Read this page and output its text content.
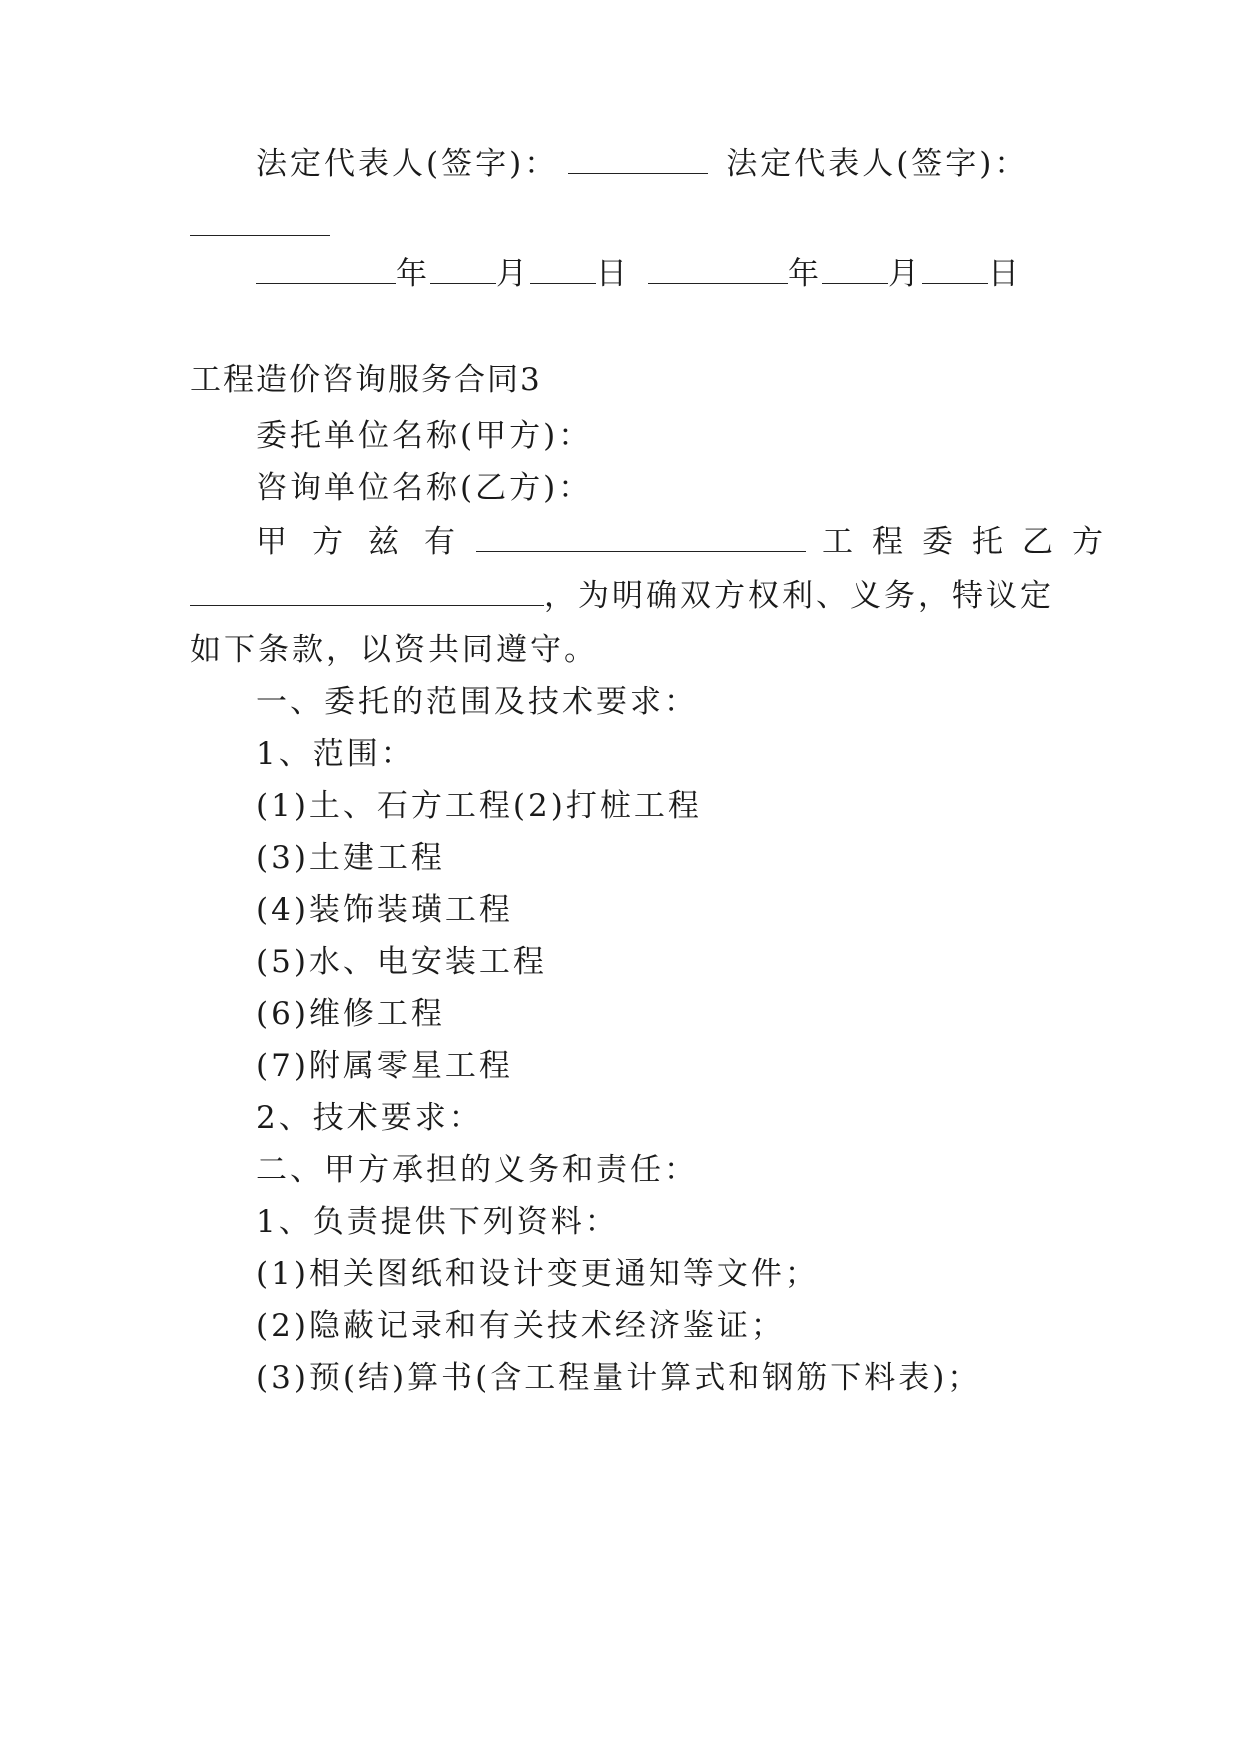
法定代表人(签字)：	法定代表人(签字)：
年 月 日	年 月 日
工程造价咨询服务合同3
委托单位名称(甲方)：
咨询单位名称(乙方)：
甲 方 兹 有	工 程 委 托 乙 方
，为明确双方权利、义务，特议定
如下条款，以资共同遵守。
一、委托的范围及技术要求：
1、范围：
(1)土、石方工程(2)打桩工程
(3)土建工程
(4)装饰装璜工程
(5)水、电安装工程
(6)维修工程
(7)附属零星工程
2、技术要求：
二、甲方承担的义务和责任：
1、负责提供下列资料：
(1)相关图纸和设计变更通知等文件；
(2)隐蔽记录和有关技术经济鉴证；
(3)预(结)算书(含工程量计算式和钢筋下料表)；
